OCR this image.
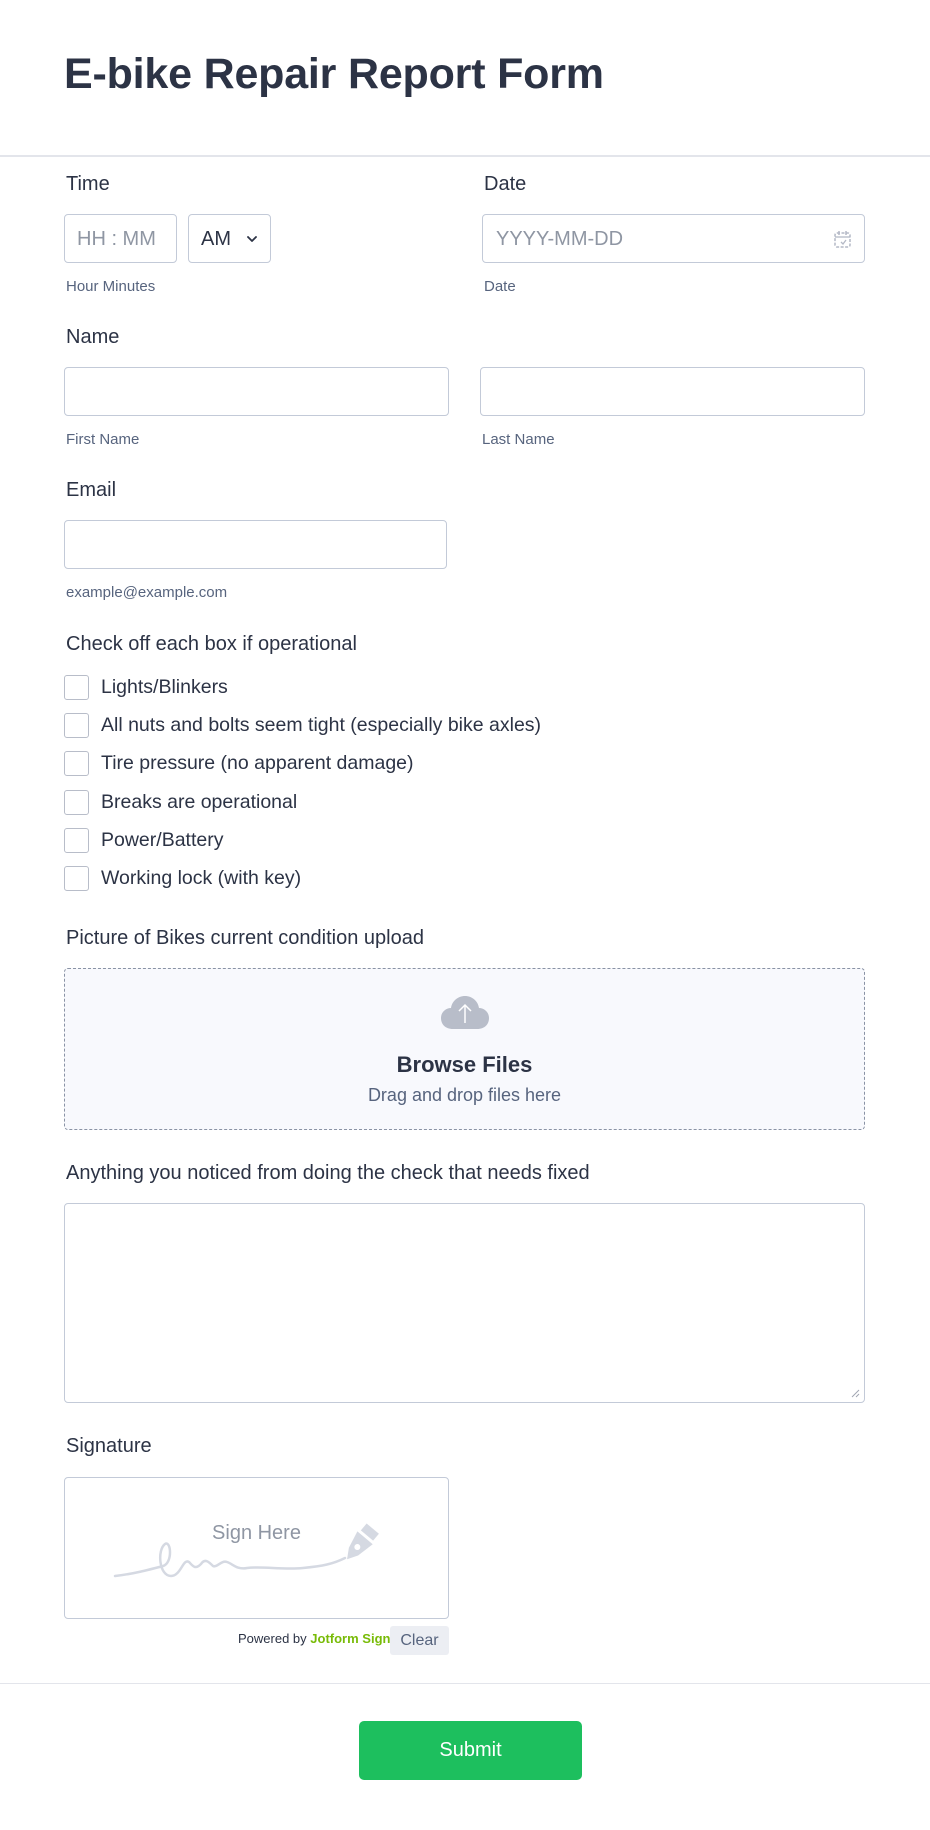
E-bike Repair Report Form
Time
HH : MM AM
Hour Minutes
Date
YYYY-MM-DD
Date
Name
First Name	Last Name
Email
example@example.com
Check off each box if operational
Lights/Blinkers
All nuts and bolts seem tight (especially bike axles)
Tire pressure (no apparent damage)
Breaks are operational
Power/Battery
Working lock (with key)
Picture of Bikes current condition upload
Browse Files
Drag and drop files here
Anything you noticed from doing the check that needs fixed
Signature
Sign Here
Powered by Jotform Sign Clear
Submit
